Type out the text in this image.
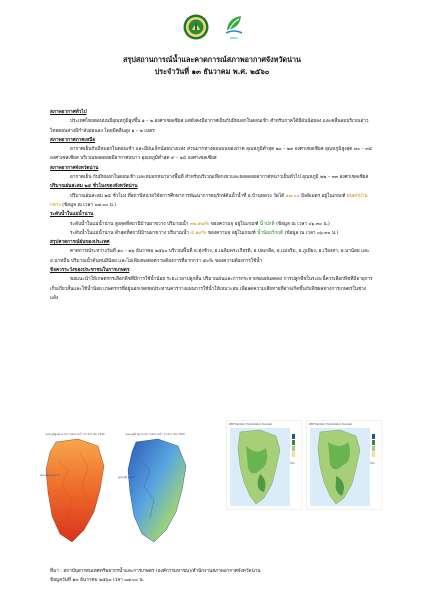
สสนก
สรุปสถานการณ์น้ำและคาดการณ์สภาพอากาศจังหวัดน่าน
ประจำวันที่ ๑๓ ธันวาคม พ.ศ. ๒๕๖๐

สภาพอากาศทั่วไป

ประเทศไทยตอนบนมีอุณหภูมิสูงขึ้น ๑ – ๒ องศาเซลเซียส แต่ยังคงมีอากาศเย็นกับมีหมอกในตอนเช้า สำหรับภาคใต้มีฝนน้อยลง และคลื่นลมบริเวณอ่าวไทยตอนล่างมีกำลังอ่อนลง โดยมีคลื่นสูง ๑ – ๒ เมตร

สภาพอากาศภาคเหนือ

อากาศเย็นกับมีหมอกในตอนเช้า และมีฝนเล็กน้อยบางแห่ง ส่วนมากทางตอนบนของภาค อุณหภูมิต่ำสุด ๒๐ – ๒๓ องศาเซลเซียส อุณหภูมิสูงสุด ๓๐ – ๓๔ องศาเซลเซียส บริเวณยอดดอยมีอากาศหนาว อุณหภูมิต่ำสุด ๙ – ๑๔ องศาเซลเซียส

สภาพอากาศจังหวัดน่าน

อากาศเย็น กับมีหมอกในตอนเช้า และหมอกหนาบางพื้นที่ สำหรับบริเวณเทือกเขาและยอดดอยอากาศหนาวเย็นทั่วไป อุณหภูมิ ๒๒ – ๓๓ องศาเซลเซียส

ปริมาณฝนสะสม ๒๔ ชั่วโมงของจังหวัดน่าน

ปริมาณฝนสะสม ๒๔ ชั่วโมง ที่สถานีหน่วยวิจัยการศึกษาการพัฒนาการอนุรักษ์ต้นน้ำน้ำที่ อ.บ้านหลวง วัดได้ ๑๗.๐๐ มิลลิเมตร อยู่ในเกณฑ์ ฝนตกปานกลาง (ข้อมูล ณ เวลา ๐๗.๐๐ น.)

ระดับน้ำในแม่น้ำน่าน

ระดับน้ำในแม่น้ำน่าน สูงสุดที่สถานีบ้านผาขวาง ปริมาณน้ำ ๓๒.๙๗% ของความจุ อยู่ในเกณฑ์ น้ำปกติ (ข้อมูล ณ เวลา ๐๖.๓๐ น.)

ระดับน้ำในแม่น้ำน่าน ต่ำสุดที่สถานีบ้านผาขวาง ปริมาณน้ำ ๔.๑๙% ของความจุ อยู่ในเกณฑ์ น้ำน้อยวิกฤติ (ข้อมูล ณ เวลา ๐๖.๓๐ น.)

สรุปคาดการณ์ฝนของประเทศ

คาดการณ์ระหว่างวันที่ ๑๐ – ๒๖ ธันวาคม ๒๕๖๐ บริเวณพื้นที่ อ.ทุ่งช้าง, อ.เฉลิมพระเกียรติ, อ.บ่อเกลือ, อ.แม่จริม, อ.ภูเพียง, อ.เวียงสา, อ.นาน้อย และ อ.นาหมื่น ปริมาณน้ำต้นทุนมีน้อย และไม่เพียงพอต่อความต้องการที่มากกว่า ๕๐% ของความต้องการใช้น้ำ

ข้อควรระวังของประชาชนในการเกษตร

ขอแนะนำให้เกษตรกรเลือกพืชที่มีการใช้น้ำน้อย ระยะเวลาปลูกสั้น ปริมาณฝนและการกระจายของฝนลดลง การปลูกพืชในระยะนี้ควรเลือกพืชที่มีอายุการเก็บเกี่ยวสั้นและใช้น้ำน้อย เกษตรกรที่อยู่นอกเขตชลประทานควรวางแผนการใช้น้ำให้เหมาะสม เพื่อลดความเสียหายที่อาจเกิดขึ้นกับพืชผลทางการเกษตรในช่วงแล้ง

อุณหภูมิสูงสุด คาดการณ์ล่วงหน้า 13 ธันวาคม 2560
อุณหภูมิ ๓๓.๙°C
อุณหภูมิต่ำสุด คาดการณ์ล่วงหน้า 13 ธันวาคม 2560
อุณหภูมิ ๑.๖°C
WRF Rainfall / Precipitation forecast
mm
WRF Rainfall / Precipitation forecast
mm

ที่มา : สถาบันสารสนเทศทรัพยากรน้ำและการเกษตร (องค์การมหาชน)/สำนักงานสภาพอากาศจังหวัดน่าน

ข้อมูลวันที่ ๑๓ ธันวาคม ๒๕๖๐ เวลา ๐๗.๐๐ น.
